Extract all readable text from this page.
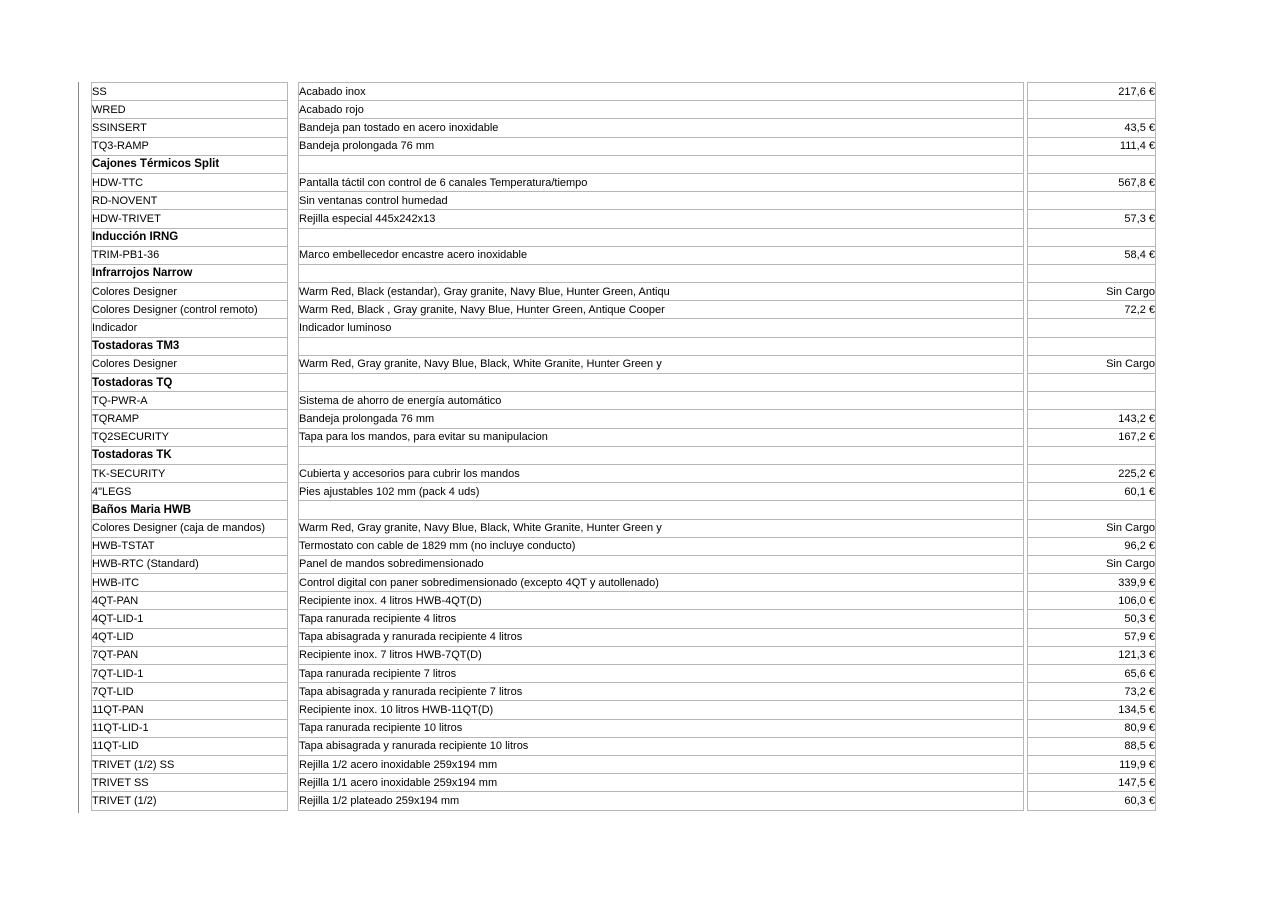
SS		Acabado inox		217,6 €
WRED		Acabado rojo		
SSINSERT		Bandeja pan tostado en acero inoxidable		43,5 €
TQ3-RAMP		Bandeja prolongada 76 mm		111,4 €
Cajones Térmicos Split				
HDW-TTC		Pantalla táctil con control de 6 canales Temperatura/tiempo		567,8 €
RD-NOVENT		Sin ventanas control humedad		
HDW-TRIVET		Rejilla especial 445x242x13		57,3 €
Inducción IRNG				
TRIM-PB1-36		Marco embellecedor encastre acero inoxidable		58,4 €
Infrarrojos Narrow				
Colores Designer		Warm Red, Black (estandar), Gray granite, Navy Blue, Hunter Green, Antiqu		Sin Cargo
Colores Designer (control remoto)		Warm Red, Black , Gray granite, Navy Blue, Hunter Green, Antique Cooper		72,2 €
Indicador		Indicador luminoso		
Tostadoras TM3				
Colores Designer		Warm Red, Gray granite, Navy Blue, Black, White Granite, Hunter Green y		Sin Cargo
Tostadoras TQ				
TQ-PWR-A		Sistema de ahorro de energía automático		
TQRAMP		Bandeja prolongada 76 mm		143,2 €
TQ2SECURITY		Tapa para los mandos, para evitar su manipulacion		167,2 €
Tostadoras TK				
TK-SECURITY		Cubierta y accesorios para cubrir los mandos		225,2 €
4"LEGS		Pies ajustables 102 mm (pack 4 uds)		60,1 €
Baños Maria HWB				
Colores Designer (caja de mandos)		Warm Red, Gray granite, Navy Blue, Black, White Granite, Hunter Green y		Sin Cargo
HWB-TSTAT		Termostato con cable de 1829 mm (no incluye conducto)		96,2 €
HWB-RTC (Standard)		Panel de mandos sobredimensionado		Sin Cargo
HWB-ITC		Control digital con paner sobredimensionado (excepto 4QT y autollenado)		339,9 €
4QT-PAN		Recipiente inox. 4 litros HWB-4QT(D)		106,0 €
4QT-LID-1		Tapa ranurada recipiente 4 litros		50,3 €
4QT-LID		Tapa abisagrada y ranurada recipiente 4 litros		57,9 €
7QT-PAN		Recipiente inox. 7 litros HWB-7QT(D)		121,3 €
7QT-LID-1		Tapa ranurada recipiente 7 litros		65,6 €
7QT-LID		Tapa abisagrada y ranurada recipiente 7 litros		73,2 €
11QT-PAN		Recipiente inox. 10 litros HWB-11QT(D)		134,5 €
11QT-LID-1		Tapa ranurada recipiente 10 litros		80,9 €
11QT-LID		Tapa abisagrada y ranurada recipiente 10 litros		88,5 €
TRIVET (1/2) SS		Rejilla 1/2 acero inoxidable 259x194 mm		119,9 €
TRIVET SS		Rejilla 1/1 acero inoxidable 259x194 mm		147,5 €
TRIVET (1/2)		Rejilla 1/2 plateado 259x194 mm		60,3 €
